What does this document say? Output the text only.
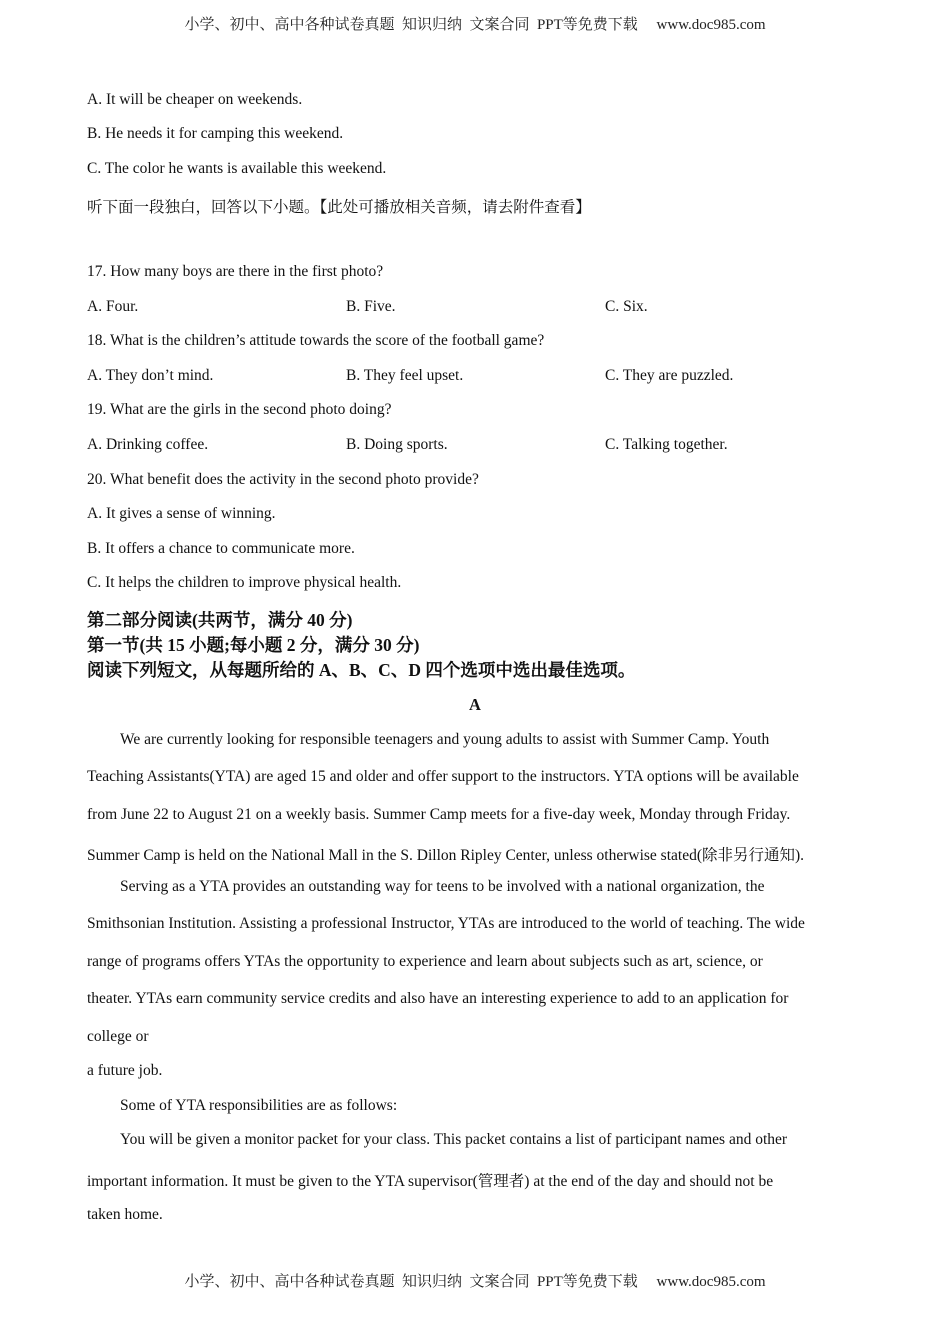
小学、初中、高中各种试卷真题  知识归纳  文案合同  PPT等免费下载     www.doc985.com
A. It will be cheaper on weekends.
B. He needs it for camping this weekend.
C. The color he wants is available this weekend.
听下面一段独白，回答以下小题。【此处可播放相关音频，请去附件查看】
17. How many boys are there in the first photo?
A. Four.	B. Five.	C. Six.
18. What is the children’s attitude towards the score of the football game?
A. They don’t mind.	B. They feel upset.	C. They are puzzled.
19. What are the girls in the second photo doing?
A. Drinking coffee.	B. Doing sports.	C. Talking together.
20. What benefit does the activity in the second photo provide?
A. It gives a sense of winning.
B. It offers a chance to communicate more.
C. It helps the children to improve physical health.
第二部分阅读(共两节，满分 40 分)
第一节(共 15 小题;每小题 2 分，满分 30 分)
阅读下列短文，从每题所给的 A、B、C、D 四个选项中选出最佳选项。
A
We are currently looking for responsible teenagers and young adults to assist with Summer Camp. Youth
Teaching Assistants(YTA) are aged 15 and older and offer support to the instructors. YTA options will be available
from June 22 to August 21 on a weekly basis. Summer Camp meets for a five-day week, Monday through Friday.
Summer Camp is held on the National Mall in the S. Dillon Ripley Center, unless otherwise stated(除非另行通知).
Serving as a YTA provides an outstanding way for teens to be involved with a national organization, the
Smithsonian Institution. Assisting a professional Instructor, YTAs are introduced to the world of teaching. The wide
range of programs offers YTAs the opportunity to experience and learn about subjects such as art, science, or
theater. YTAs earn community service credits and also have an interesting experience to add to an application for
college or
a future job.
Some of YTA responsibilities are as follows:
You will be given a monitor packet for your class. This packet contains a list of participant names and other
important information. It must be given to the YTA supervisor(管理者) at the end of the day and should not be
taken home.
小学、初中、高中各种试卷真题  知识归纳  文案合同  PPT等免费下载     www.doc985.com
